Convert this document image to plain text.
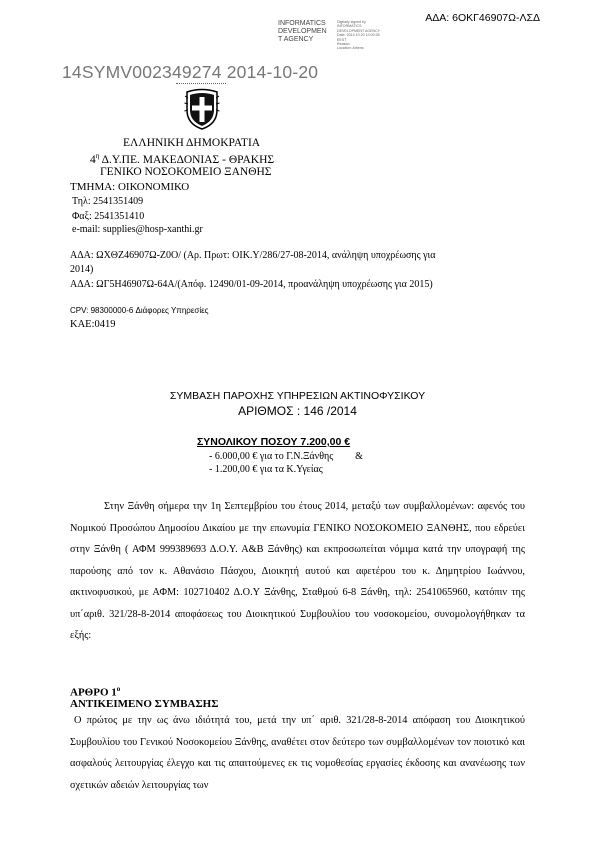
ΑΔΑ: 6ΟΚΓ46907Ω-ΛΣΔ
INFORMATICS
DEVELOPMEN
T AGENCY
Digitally signed by
INFORMATICS
DEVELOPMENT AGENCY
Date: 2014.10.20 10:00:35
EEST
Reason:
Location: Athens
14SYMV002349274 2014-10-20
ΕΛΛΗΝΙΚΗ ΔΗΜΟΚΡΑΤΙΑ
$4^\eta$ Δ.Υ.ΠΕ. ΜΑΚΕΔΟΝΙΑΣ - ΘΡΑΚΗΣ
ΓΕΝΙΚΟ ΝΟΣΟΚΟΜΕΙΟ ΞΑΝΘΗΣ
ΤΜΗΜΑ: ΟΙΚΟΝΟΜΙΚΟ
Τηλ: 2541351409
Φαξ: 2541351410
e-mail: supplies@hosp-xanthi.gr
ΑΔΑ: ΩΧΘΖ46907Ω-Ζ0Ο/ (Αρ. Πρωτ: ΟΙΚ.Υ/286/27-08-2014, ανάληψη υποχρέωσης για
2014)
ΑΔΑ: ΩΓ5Η46907Ω-64Α/(Απόφ. 12490/01-09-2014, προανάληψη υποχρέωσης για 2015)
CPV: 98300000-6 Διάφορες Υπηρεσίες
ΚΑΕ:0419
ΣΥΜΒΑΣΗ ΠΑΡΟΧΗΣ ΥΠΗΡΕΣΙΩΝ ΑΚΤΙΝΟΦΥΣΙΚΟΥ
ΑΡΙΘΜΟΣ : 146 /2014
ΣΥΝΟΛΙΚΟΥ ΠΟΣΟΥ 7.200,00 €
- 6.000,00 € για το Γ.Ν.Ξάνθης &
- 1.200,00 € για τα Κ.Υγείας

Στην Ξάνθη σήμερα την 1η Σεπτεμβρίου του έτους 2014, μεταξύ των συμβαλλομένων: αφενός του Νομικού Προσώπου Δημοσίου Δικαίου με την επωνυμία ΓΕΝΙΚΟ ΝΟΣΟΚΟΜΕΙΟ ΞΑΝΘΗΣ, που εδρεύει στην Ξάνθη ( ΑΦΜ 999389693 Δ.Ο.Υ. Α&Β Ξάνθης) και εκπροσωπείται νόμιμα κατά την υπογραφή της παρούσης από τον κ. Αθανάσιο Πάσχου, Διοικητή αυτού και αφετέρου του κ. Δημητρίου Ιωάννου, ακτινοφυσικού, με ΑΦΜ: 102710402 Δ.Ο.Υ Ξάνθης, Σταθμού 6-8 Ξάνθη, τηλ: 2541065960, κατόπιν της υπ΄αριθ. 321/28-8-2014 αποφάσεως του Διοικητικού Συμβουλίου του νοσοκομείου, συνομολογήθηκαν τα εξής:

ΑΡΘΡΟ $1^o$
ΑΝΤΙΚΕΙΜΕΝΟ ΣΥΜΒΑΣΗΣ

Ο πρώτος με την ως άνω ιδιότητά του, μετά την υπ΄ αριθ. 321/28-8-2014 απόφαση του Διοικητικού Συμβουλίου του Γενικού Νοσοκομείου Ξάνθης, αναθέτει στον δεύτερο των συμβαλλομένων τον ποιοτικό και ασφαλούς λειτουργίας έλεγχο και τις απαιτούμενες εκ τις νομοθεσίας εργασίες έκδοσης και ανανέωσης των σχετικών αδειών λειτουργίας των
